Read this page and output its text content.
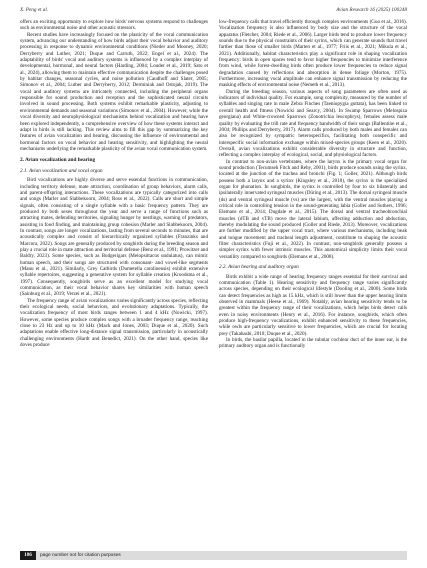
X. Peng et al.	Avian Research 16 (2025) 100248

offers an exciting opportunity to explore how birds' nervous systems respond to challenges such as environmental noise and other acoustic stressors.

Recent studies have increasingly focused on the plasticity of the vocal communication system, advancing our understanding of how birds adjust their vocal behavior and auditory processing in response to dynamic environmental conditions (Nieder and Mooney, 2020; Derryberry and Luther, 2021; Duque and Carruth, 2022; Engel et al., 2024). The adaptability of birds' vocal and auditory systems is influenced by a complex interplay of developmental, hormonal, and neural factors (Harding, 2004; Louder et al., 2019; Sato et al., 2024), allowing them to maintain effective communication despite the challenges posed by habitat changes, seasonal cycles, and noise pollution (Caudhoff and Slater, 2005; Simonov et al., 2004; Luther and Derryberry, 2012; Derminiak and Ostojak, 2019). The vocal and auditory systems are intricately connected, including the peripheral organs responsible for sound production and reception and the sophisticated neural circuits involved in sound processing. Both systems exhibit remarkable plasticity, adjusting to environmental demands and seasonal variations (Simonov et al., 2004). However, while the vocal diversity and neurophysiological mechanisms behind vocalization and hearing have been explored independently, a comprehensive overview of how these systems interact and adapt in birds is still lacking. This review aims to fill this gap by summarizing the key features of avian vocalization and hearing, discussing the influence of environmental and hormonal factors on vocal behavior and hearing sensitivity, and highlighting the neural mechanisms underlying the remarkable plasticity of the avian vocal communication system.

2. Avian vocalization and hearing
2.1. Avian vocalization and vocal organ

Bird vocalizations are highly diverse and serve essential functions in communication, including territory defense, mate attraction, coordination of group behaviors, alarm calls, and parent-offspring interactions. These vocalizations are typically categorized into calls and songs (Marler and Slabbekoorn, 2004; Ross et al., 2022). Calls are short and simple signals, often consisting of a single syllable with a basic frequency pattern. They are produced by both sexes throughout the year and serve a range of functions such as attracting mates, defending territories, signaling hunger by nestlings, warning of predators, assisting in food finding, and maintaining group cohesion (Marler and Slabbekoorn, 2004). In contrast, songs are longer vocalizations, lasting from several seconds to minutes, that are acoustically complex and consist of hierarchically organized syllables (Franzinks and Marcora, 2022). Songs are generally produced by songbirds during the breeding season and play a crucial role in mate attraction and territorial defense (Benz et al., 1991; Prowitzer and Baldry, 2023). Some species, such as Budgerigars (Melopsittacus undulatus), can mimic human speech, and their songs are structured with consonant- and vowel-like segments (Manu et al., 2021). Similarly, Grey Catbirds (Dumetella carolinensis) exhibit extensive syllable repertoires, suggesting a generative system for syllable creation (Kroodsma et al., 1997). Consequently, songbirds serve as an excellent model for studying vocal communication, as their vocal behavior shares key similarities with human speech (Sainburg et al., 2019; Verzei et al., 2021).

The frequency range of avian vocalizations varies significantly across species, reflecting their ecological needs, social behaviors, and evolutionary adaptations. Typically, the vocalization frequency of most birds ranges between 1 and 4 kHz (Nowicki, 1997). However, some species produce complex songs with a broader frequency range, reaching close to 23 Hz and up to 10 kHz (Mack and Jones, 2003; Duque et al., 2020). Such adaptations enable effective long-distance signal transmission, particularly in acoustically challenging environments (Hardt and Benedict, 2021). On the other hand, species like doves produce

low-frequency calls that travel efficiently through complex environments (Guo et al., 2016). Vocalization frequency is also influenced by body size and the structure of the vocal apparatus (Fletcher, 2004; Riede et al., 2006). Larger birds tend to produce lower frequency sounds due to the physical constraints of their syrinx, which can generate sounds that travel farther than those of smaller birds (Marten et al., 1977; Friis et al., 2021; Mikula et al., 2021). Additionally, habitat characteristics play a significant role in shaping vocalization frequency: birds in open spaces tend to favor higher frequencies to minimize interference from wind, while forest-dwelling birds often produce lower frequencies to reduce signal degradation caused by reflections and absorption in dense foliage (Morton, 1975). Furthermore, increasing vocal amplitude can enhance signal transmission by reducing the masking effects of environmental noise (Nemeth et al., 2013).

During the breeding season, various aspects of song parameters are often used as indicators of individual quality. For example, song complexity, measured by the number of syllables and singing rate in male Zebra Finches (Taeniopygia guttata), has been linked to overall health and fitness (Nowicki and Searcy, 2004). In Swamp Sparrows (Melospiza georgiana) and White-crowned Sparrows (Zonotrichia leucophrys), females assess male quality by evaluating the trill rate and frequency bandwidth of their songs (Ballentine et al., 2004; Phillips and Derryberry, 2017). Alarm calls produced by both males and females can also be recognized by sympatric heterospecifics, facilitating both conspecific and interspecific social information exchange within mixed-species groups (Keen et al., 2020). Overall, avian vocalizations exhibit considerable diversity in structure and function, reflecting a complex interplay of ecological, social, and physiological factors.

In contrast to non-avian vertebrates, where the larynx is the primary vocal organ for sound production (Tecumseh Fitch and Reby, 2001), birds produce sounds using the syrinx, located at the junction of the trachea and bronchi (Fig. 1; Goller, 2021). Although birds possess both a larynx and a syrinx (Kingsley et al., 2018), the syrinx is the specialized organ for phonation. In songbirds, the syrinx is controlled by four to six bilaterally and ipsilaterally innervated syringeal muscles (Düring et al., 2013). The dorsal syringeal muscle (ds) and ventral syringeal muscle (vs) are the largest, with the ventral muscles playing a critical role in controlling tension in the sound-generating labia (Goller and Suthers, 1996; Elemans et al., 2014; Dugdale et al., 2015). The dorsal and ventral tracheobronchial muscles (dTB and vTB) move the lateral labium, affecting adduction and abduction, thereby modulating the sound produced (Goller and Riede, 2013). Moreover, vocalizations are further modified by the upper vocal tract, where various mechanisms, including beak and tongue movement and tracheal length adjustment, contribute to shaping the acoustic filter characteristics (Fuji et al., 2022). In contrast, non-songbirds generally possess a simpler syrinx with fewer intrinsic muscles. This anatomical simplicity limits their vocal versatility compared to songbirds (Elemans et al., 2008).

2.2. Avian hearing and auditory organ

Birds exhibit a wide range of hearing frequency ranges essential for their survival and communication (Table 1). Hearing sensitivity and frequency range varies significantly across species, depending on their ecological lifestyle (Dooling et al., 2000). Some birds can detect frequencies as high as 15 kHz, which is still lower than the upper hearing limits observed in mammals (Heese et al., 1969). Notably, avian hearing sensitivity tends to be greatest within the frequency range of their vocalizations, which helps birds detect calls even in noisy environments (Henry et al., 2016). For instance, songbirds, which often produce high-frequency vocalizations, exhibit enhanced sensitivity to these frequencies, while owls are particularly sensitive to lower frequencies, which are crucial for locating prey (Takahashi, 2010; Duque et al., 2020).

In birds, the basilar papilla, located in the tubular cochlear duct of the inner ear, is the primary auditory organ and is functionally

186	page number not for citation purposes
